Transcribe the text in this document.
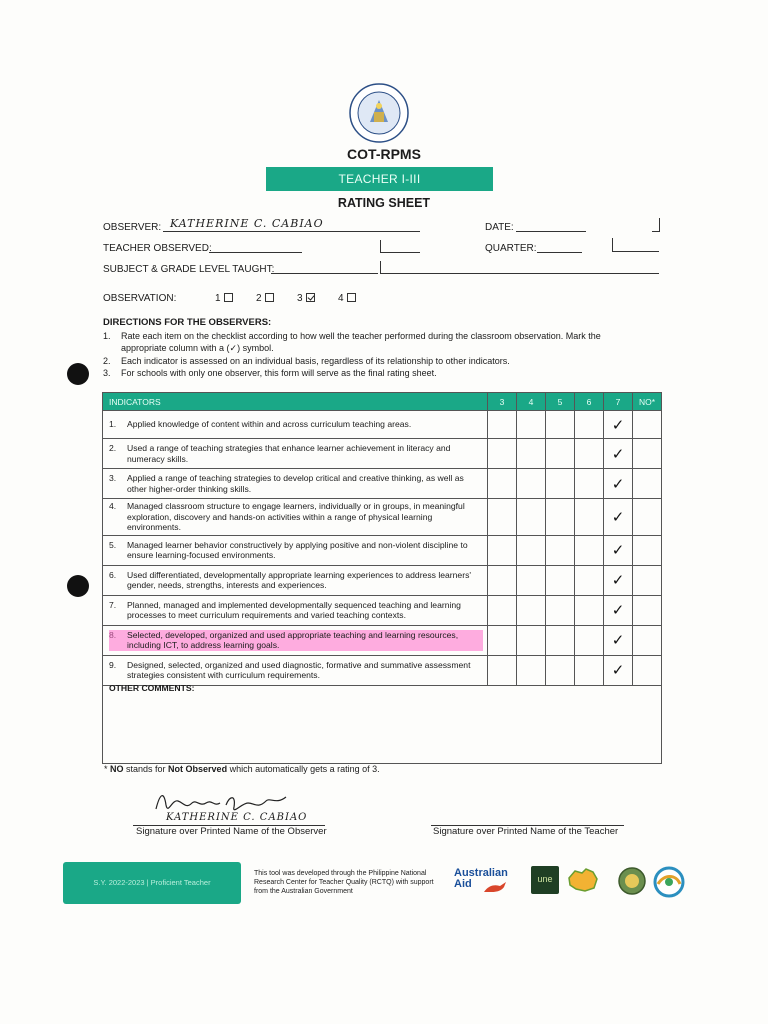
COT-RPMS
TEACHER I-III
RATING SHEET
OBSERVER: KATHERINE C. CABIAO	DATE:
TEACHER OBSERVED:	QUARTER:
SUBJECT & GRADE LEVEL TAUGHT:
OBSERVATION:	1	2	3	4
DIRECTIONS FOR THE OBSERVERS:
1. Rate each item on the checklist according to how well the teacher performed during the classroom observation. Mark the
appropriate column with a (✓) symbol.
2. Each indicator is assessed on an individual basis, regardless of its relationship to other indicators.
3. For schools with only one observer, this form will serve as the final rating sheet.
INDICATORS	3	4	5	6	7	NO*

1. Applied knowledge of content within and across curriculum teaching areas.					✓	

2. Used a range of teaching strategies that enhance learner achievement in literacy and numeracy skills.					✓	

3. Applied a range of teaching strategies to develop critical and creative thinking, as well as other higher-order thinking skills.					✓	

4. Managed classroom structure to engage learners, individually or in groups, in meaningful exploration, discovery and hands-on activities within a range of physical learning environments.					✓	

5. Managed learner behavior constructively by applying positive and non-violent discipline to ensure learning-focused environments.					✓	

6. Used differentiated, developmentally appropriate learning experiences to address learners' gender, needs, strengths, interests and experiences.					✓	

7. Planned, managed and implemented developmentally sequenced teaching and learning processes to meet curriculum requirements and varied teaching contexts.					✓	

Selected, developed, organized and used appropriate teaching and learning resources, including ICT, to address learning goals.					✓	

9. Designed, selected, organized and used diagnostic, formative and summative assessment strategies consistent with curriculum requirements.					✓	
OTHER COMMENTS:
* NO stands for Not Observed which automatically gets a rating of 3.
KATHERINE C. CABIAO
Signature over Printed Name of the Observer	Signature over Printed Name of the Teacher
S.Y. 2022-2023 | Proficient Teacher
This tool was developed through the Philippine National Research Center for Teacher Quality (RCTQ) with support from the Australian Government
Australian
Aid	une
